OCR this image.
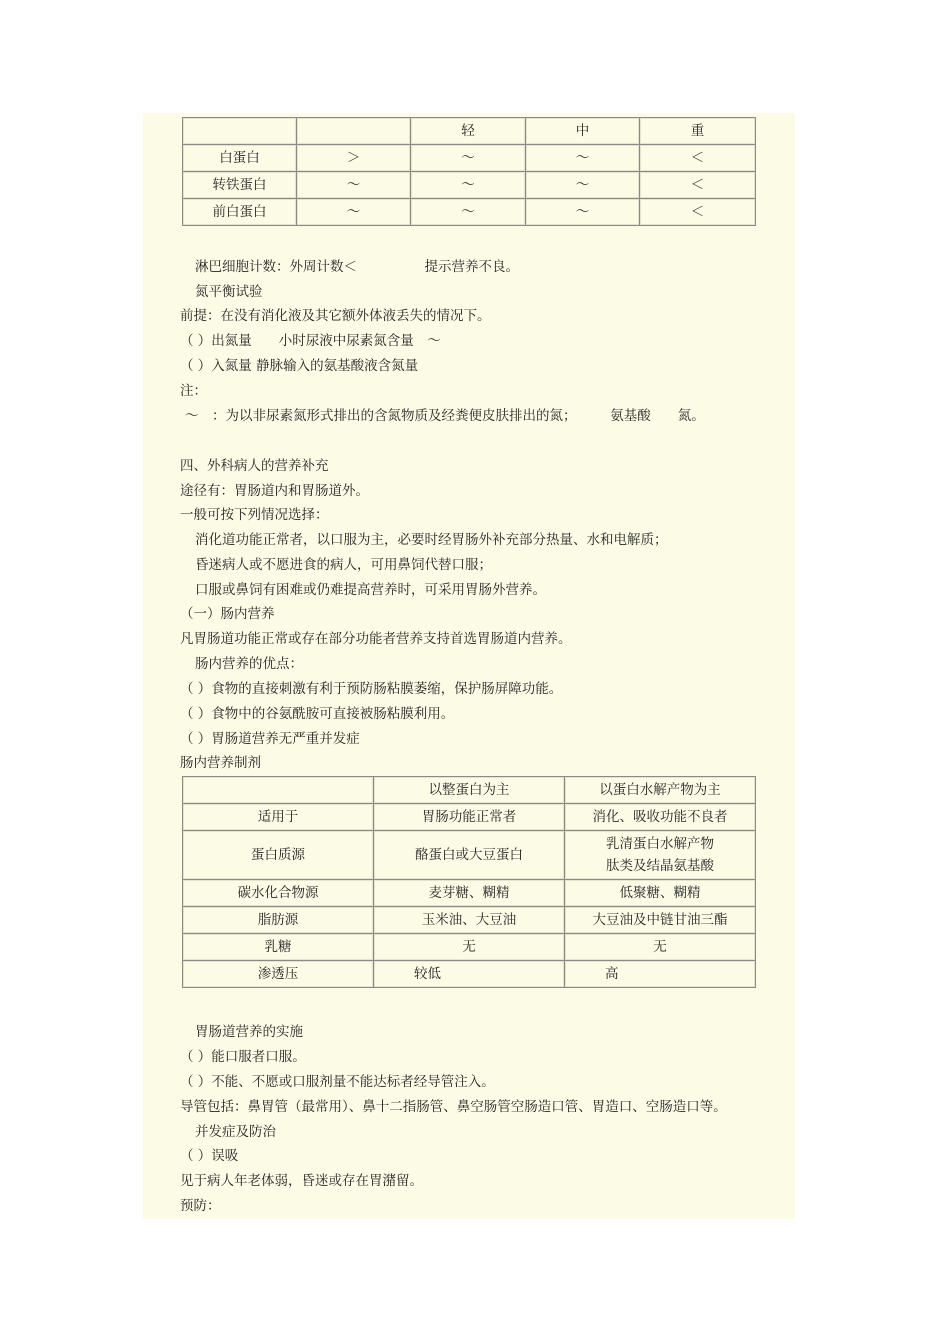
		轻	中	重
白蛋白	＞	～	～	＜
转铁蛋白	～	～	～	＜
前白蛋白	～	～	～	＜

淋巴细胞计数：外周计数＜　　　　　提示营养不良。

氮平衡试验

前提：在没有消化液及其它额外体液丢失的情况下。

（ ）出氮量　　小时尿液中尿素氮含量　～

（ ）入氮量 静脉输入的氨基酸液含氮量

注：

～　：为以非尿素氮形式排出的含氮物质及经粪便皮肤排出的氮；　　　氨基酸　　氮。

四、外科病人的营养补充

途径有：胃肠道内和胃肠道外。

一般可按下列情况选择：

消化道功能正常者，以口服为主，必要时经胃肠外补充部分热量、水和电解质；

昏迷病人或不愿进食的病人，可用鼻饲代替口服；

口服或鼻饲有困难或仍难提高营养时，可采用胃肠外营养。

（一）肠内营养

凡胃肠道功能正常或存在部分功能者营养支持首选胃肠道内营养。

肠内营养的优点：

（ ）食物的直接刺激有利于预防肠粘膜萎缩，保护肠屏障功能。

（ ）食物中的谷氨酰胺可直接被肠粘膜利用。

（ ）胃肠道营养无严重并发症

肠内营养制剂

	以整蛋白为主	以蛋白水解产物为主
适用于	胃肠功能正常者	消化、吸收功能不良者
蛋白质源	酪蛋白或大豆蛋白	乳清蛋白水解产物
肽类及结晶氨基酸

碳水化合物源	麦芽糖、糊精	低聚糖、糊精
脂肪源	玉米油、大豆油	大豆油及中链甘油三酯
乳糖	无	无
渗透压	较低	高

胃肠道营养的实施

（ ）能口服者口服。

（ ）不能、不愿或口服剂量不能达标者经导管注入。

导管包括：鼻胃管（最常用）、鼻十二指肠管、鼻空肠管空肠造口管、胃造口、空肠造口等。

并发症及防治

（ ）误吸

见于病人年老体弱，昏迷或存在胃潴留。

预防：
